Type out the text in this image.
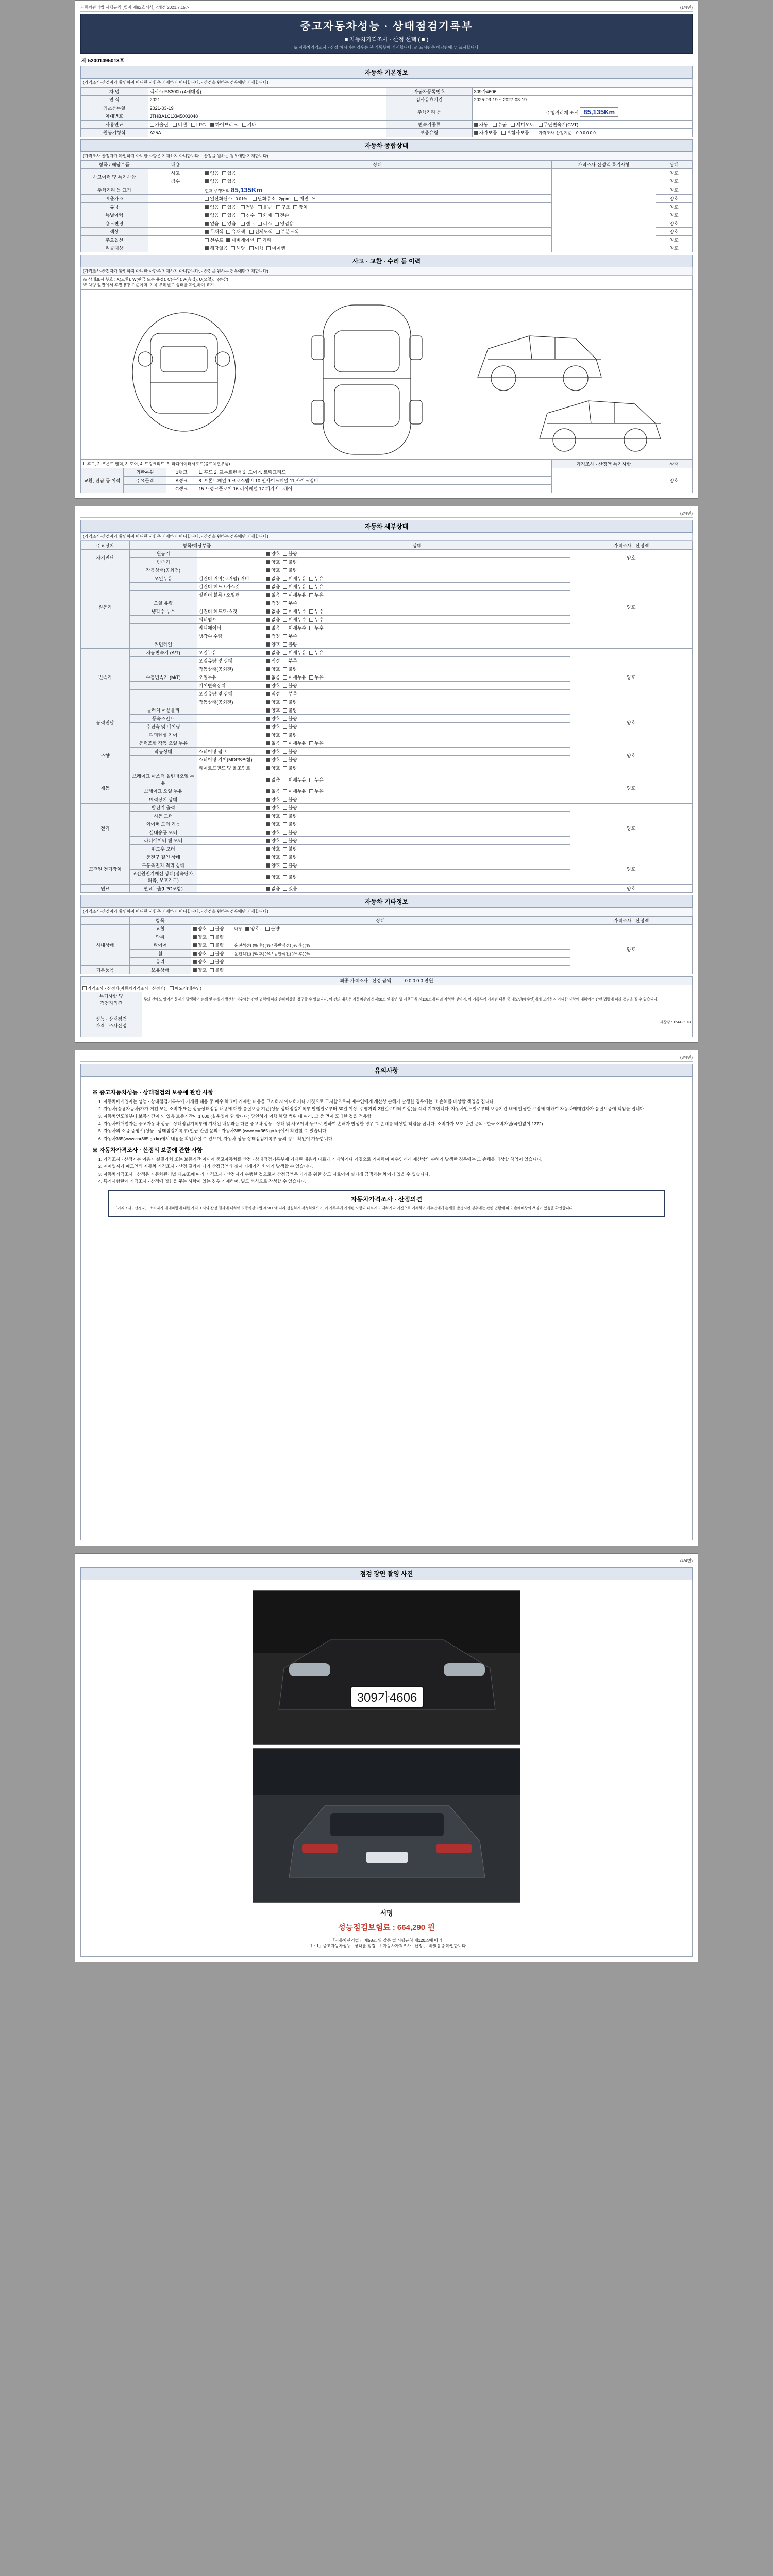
자동차관리법 시행규칙 [별지 제82호서식] <개정 2021.7.15.>	(1/4면)
중고자동차성능 · 상태점검기록부
■ 자동차가격조사 · 산정 선택 ( ■ )
※ 자동차가격조사 · 산정 하시려는 경우는 본 기록부에 기재합니다. ※ 표시란은 해당란에 ∨ 표시합니다.
제 52001495013호
자동차 기본정보
(가격조사·산정자가 확인하지 아니한 사항은 기재하지 아니합니다. · 산정을 원하는 경우에만 기재합니다)
차 명	렉서스 ES300h (4세대임)	자동차등록번호	309가4606
연 식	2021	검사유효기간	2025-03-19 ~ 2027-03-19
최초등록일	2021-03-19	주행거리 등	주행거리계 표시 85,135Km
차대번호	JTHBA1C1XM5003048		
사용연료	가솔린 디젤 LPG 하이브리드 기타	변속기종류	자동 수동 세미오토 무단변속기(CVT)
원동기형식	A25A	보증유형	자가보증 보험사보증 가격조사·산정기준 0 0 0 0 0 0
자동차 종합상태
(가격조사·산정자가 확인하지 아니한 사항은 기재하지 아니합니다. · 산정을 원하는 경우에만 기재합니다)
항목 / 해당부품	내용	상태	가격조사·산정액 특기사항	상태
사고이력 및 특기사항	사고	없음 있음		양호
	침수	없음 있음		양호
주행거리 등 표기		현재 주행거리 85,135Km		양호
배출가스		일산화탄소 0.01% 탄화수소 2ppm 매연 %		양호
튜닝		없음 있음 적법 불법 구조 장치		양호
특별이력		없음 있음 침수 화재 전손		양호
용도변경		없음 있음 렌트 리스 영업용		양호
색상		무채색 유채색 전체도색 부분도색		양호
주요옵션		선루프 내비게이션 기타		양호
리콜대상		해당없음 해당 이행 미이행		양호
사고 · 교환 · 수리 등 이력
(가격조사·산정자가 확인하지 아니한 사항은 기재하지 아니합니다. · 산정을 원하는 경우에만 기재합니다)
※ 상태표시 부호 : X(교환), W(판금 또는 용접), C(부식), A(흠집), U(요철), T(손상)
※ 차량 앞면에서 후면방향 기준이며, 기록 부위별로 상태를 확인하여 표기
1. 후드, 2. 프론트 휀더, 3. 도어, 4. 트렁크리드, 5. 라디에이터서포트(볼트체결부품)				가격조사 · 산정액 특기사항	상태
교환, 판금 등 이력	외판부위	1랭크	1. 후드 2. 프론트펜더 3. 도어 4. 트렁크리드		양호
	주요골격	A랭크	8. 프론트패널 9.크로스멤버 10.인사이드패널 11.사이드멤버		
		C랭크	15.트렁크플로어 16.리어패널 17.패키지트레이		
(2/4면)
자동차 세부상태
(가격조사·산정자가 확인하지 아니한 사항은 기재하지 아니합니다. · 산정을 원하는 경우에만 기재합니다)
주요장치	항목/해당부품		상태	가격조사 · 산정액
자기진단	원동기		양호 불량	양호
	변속기		양호 불량	
원동기	작동상태(공회전)		양호 불량	양호
	오일누유	실린더 커버(로커암) 커버	없음 미세누유 누유	
		실린더 헤드 / 가스킷	없음 미세누유 누유	
		실린더 블록 / 오일팬	없음 미세누유 누유	
	오일 유량		적정 부족	
	냉각수 누수	실린더 헤드/가스켓	없음 미세누수 누수	
		워터펌프	없음 미세누수 누수	
		라디에이터	없음 미세누수 누수	
		냉각수 수량	적정 부족	
	커먼레일		양호 불량	
변속기	자동변속기 (A/T)	오일누유	없음 미세누유 누유	양호
		오일유량 및 상태	적정 부족	
		작동상태(공회전)	양호 불량	
	수동변속기 (M/T)	오일누유	없음 미세누유 누유	
		기어변속장치	양호 불량	
		오일유량 및 상태	적정 부족	
		작동상태(공회전)	양호 불량	
동력전달	클러치 어셈블리		양호 불량	양호
	등속조인트		양호 불량	
	추진축 및 베어링		양호 불량	
	디퍼렌셜 기어		양호 불량	
조향	동력조향 작동 오일 누유		없음 미세누유 누유	양호
	작동상태	스티어링 펌프	양호 불량	
		스티어링 기어(MDPS포함)	양호 불량	
		타이로드엔드 및 볼조인트	양호 불량	
제동	브레이크 마스터 실린더오일 누유		없음 미세누유 누유	양호
	브레이크 오일 누유		없음 미세누유 누유	
	배력장치 상태		양호 불량	
전기	발전기 출력		양호 불량	양호
	시동 모터		양호 불량	
	와이퍼 모터 기능		양호 불량	
	실내송풍 모터		양호 불량	
	라디에이터 팬 모터		양호 불량	
	윈도우 모터		양호 불량	
고전원 전기장치	충전구 절연 상태		양호 불량	양호
	구동축전지 격리 상태		양호 불량	
	고전원전기배선 상태(접속단자, 피복, 보호기구)		양호 불량	
연료	연료누출(LPG포함)		없음 있음	양호
자동차 기타정보
(가격조사·산정자가 확인하지 아니한 사항은 기재하지 아니합니다. · 산정을 원하는 경우에만 기재합니다)
	항목	상태	가격조사 · 산정액
사내상태	요철	양호 불량 내장 양호 불량	양호
	악취	양호 불량	
	타이어	양호 불량 운전석전( )% 후( )% / 동반석전( )% 후( )%	
	휠	양호 불량 운전석전( )% 후( )% / 동반석전( )% 후( )%	
	유리	양호 불량	
기본품목	보유상태	양호 불량	
최종 가격조사 · 산정 금액 0 0 0 0 0 만원	
가격조사 · 산정자(자동차가격조사 · 산정자) 매도인(매수인)	
특기사항 및
점검자의견	투의 건에도 있어서 문제가 발생하여 손해 및 손실이 발생한 경우에는 관련 법령에 따라 손해배상을 청구할 수 있습니다. 이 건의 내용은 자동차관리법 제58조 및 같은 법 시행규칙 제120조에 따라 작성한 것이며, 이 기록부에 기재된 내용 중 매도인(매수인)에게 고지하지 아니한 사항에 대하여는 관련 법령에 따라 책임을 질 수 있습니다.
성능 · 상태점검
가격 · 조사산정	고객상담 : 1544-3973
(3/4면)
유의사항
※ 중고자동차성능 · 상태점검의 보증에 관한 사항

1. 자동차매매업자는 성능 · 상태점검기록부에 기재된 내용 중 매수 체크에 기재한 내용을 고지하지 아니하거나 거짓으로 고지함으로써 매수인에게 재산상 손해가 발생한 경우에는 그 손해를 배상할 책임을 집니다.

2. 자동차(승용자동차)가가 거친 모든 소비자 또는 성능상태점검 내용에 대한 품질보증 기간(성능·상태점검기록부 발행일로부터 30일 이상, 주행거리 2천킬로미터 이상)을 각각 기재합니다. 자동차인도일로부터 보증기간 내에 발생한 고장에 대하여 자동차매매업자가 품질보증에 책임을 집니다.

3. 자동차인도일부터 보증기간이 되 있음 보증기간이 1,000 (실운영에 환 합니다) 당연히가 이행 해당 범위 내 여러, 그 중 먼저 도래한 것을 적용함.

4. 자동차매매업자는 중고자동차 성능 · 상태점검기록부에 기재된 내용과는 다른 중고차 성능 · 상태 및 사고이력 등으로 인하여 손해가 발생한 경우 그 손해를 배상할 책임을 집니다. 소비자가 보호 관련 문의 : 한국소비자원(국번없이 1372)

5. 자동차의 소음 증명서(성능 · 상태점검기록부) 발급 관련 문의 : 자동차365 (www.car365.go.kr)에서 확인할 수 있습니다.

6. 자동차365(www.car365.go.kr)에서 내용을 확인하실 수 있으며, 자동차 성능·상태점검기록부 등의 정보 확인이 가능합니다.

※ 자동차가격조사 · 산정의 보증에 관한 사항

1. 가격조사 · 산정자는 이용자 실질가치 또는 보증기간 이내에 중고자동차를 산정 · 상태점검기록부에 기재된 내용과 다르게 기재하거나 거짓으로 기재하여 매수인에게 재산상의 손해가 발생한 경우에는 그 손해를 배상할 책임이 있습니다.

2. 매매업자가 매도인의 자동차 가격조사 · 산정 결과에 따라 산정금액과 실제 거래가격 차이가 발생할 수 있습니다.

3. 자동차가격조사 · 산정은 자동차관리법 제58조에 따라 가격조사 · 산정자가 수행한 것으로서 산정금액은 거래를 위한 참고 자료이며 실거래 금액과는 차이가 있을 수 있습니다.

4. 특기사항란에 가격조사 · 산정에 영향을 주는 사항이 있는 경우 기재하며, 별도 서식으로 작성할 수 있습니다.

자동차가격조사 · 산정의견
「가격조사 · 산정자」 소비자가 매매차량에 대한 가격 조사와 산정 결과에 대하여 자동차관리법 제58조에 따라 성실하게 작성하였으며, 이 기록부에 기재된 사항과 다르게 기재하거나 거짓으로 기재하여 매수인에게 손해를 발생시킨 경우에는 관련 법령에 따라 손해배상의 책임이 있음을 확인합니다.
(4/4면)
점검 장면 촬영 사진
309가4606
서명
성능점검보험료 : 664,290 원
「자동차관리법」 제58조 및 같은 법 시행규칙 제120조에 따라
「1ㆍ1」중고자동차성능 · 상태를 점검, 「 자동차가격조사 · 산정 」 하였음을 확인합니다.
